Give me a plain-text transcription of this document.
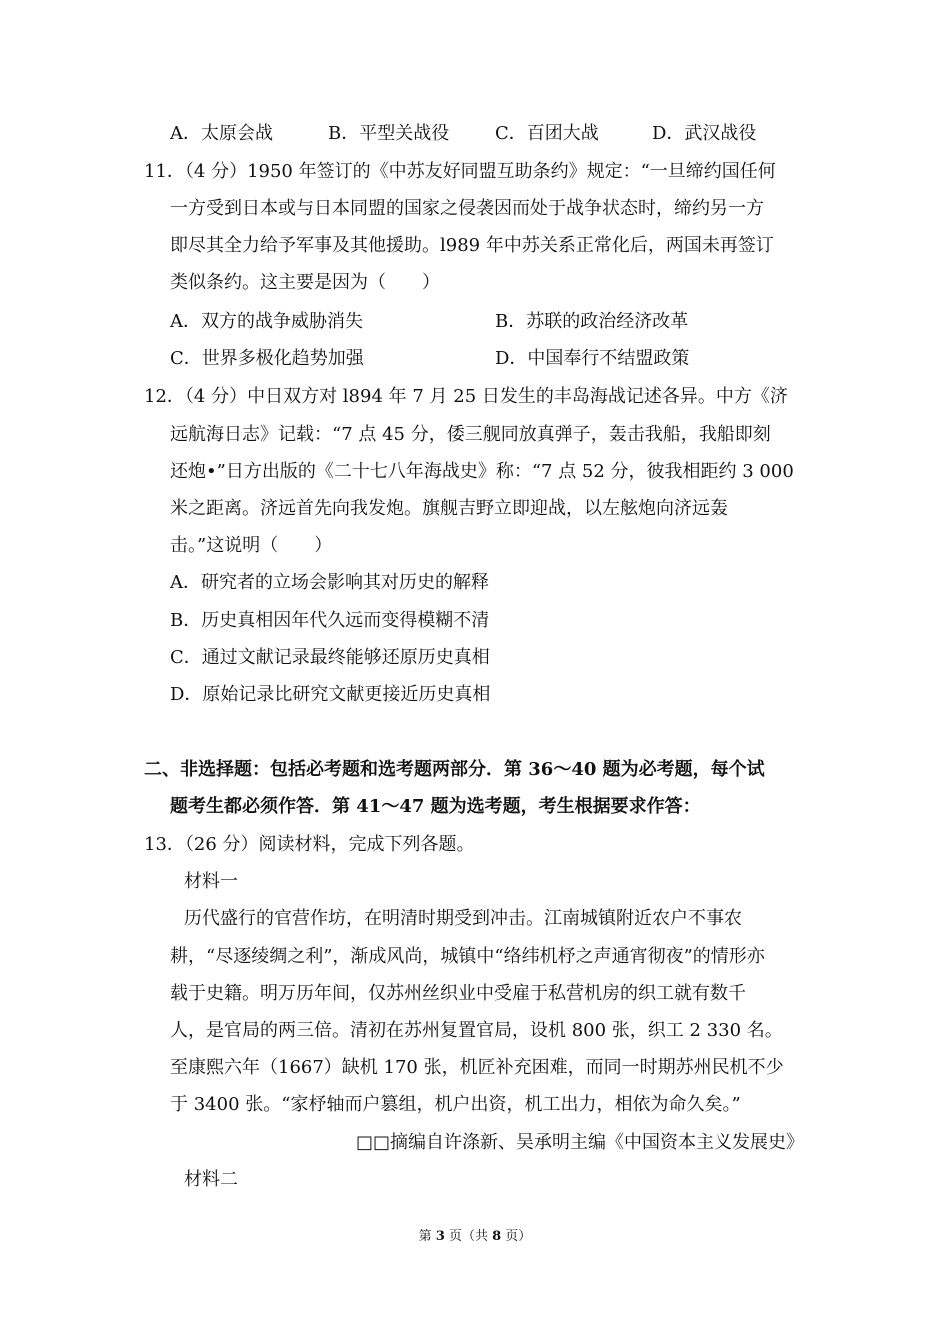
A．太原会战	B．平型关战役	C．百团大战	D．武汉战役
11．（4 分）1950 年签订的《中苏友好同盟互助条约》规定：“一旦缔约国任何
一方受到日本或与日本同盟的国家之侵袭因而处于战争状态时，缔约另一方
即尽其全力给予军事及其他援助。l989 年中苏关系正常化后，两国未再签订
类似条约。这主要是因为（　　）
A．双方的战争威胁消失	B．苏联的政治经济改革
C．世界多极化趋势加强	D．中国奉行不结盟政策
12．（4 分）中日双方对 l894 年 7 月 25 日发生的丰岛海战记述各异。中方《济
远航海日志》记载：“7 点 45 分，倭三舰同放真弹子，轰击我船，我船即刻
还炮•”日方出版的《二十七八年海战史》称：“7 点 52 分，彼我相距约 3 000
米之距离。济远首先向我发炮。旗舰吉野立即迎战，以左舷炮向济远轰
击。”这说明（　　）
A．研究者的立场会影响其对历史的解释
B．历史真相因年代久远而变得模糊不清
C．通过文献记录最终能够还原历史真相
D．原始记录比研究文献更接近历史真相
二、非选择题：包括必考题和选考题两部分．第 36～40 题为必考题，每个试
题考生都必须作答．第 41～47 题为选考题，考生根据要求作答：
13．（26 分）阅读材料，完成下列各题。
材料一
历代盛行的官营作坊，在明清时期受到冲击。江南城镇附近农户不事农
耕，“尽逐绫绸之利”，渐成风尚，城镇中“络纬机杼之声通宵彻夜”的情形亦
载于史籍。明万历年间，仅苏州丝织业中受雇于私营机房的织工就有数千
人，是官局的两三倍。清初在苏州复置官局，设机 800 张，织工 2 330 名。
至康熙六年（1667）缺机 170 张，机匠补充困难，而同一时期苏州民机不少
于 3400 张。“家杼轴而户篡组，机户出资，机工出力，相依为命久矣。”
□□摘编自许涤新、吴承明主编《中国资本主义发展史》
材料二
第 3 页（共 8 页）
